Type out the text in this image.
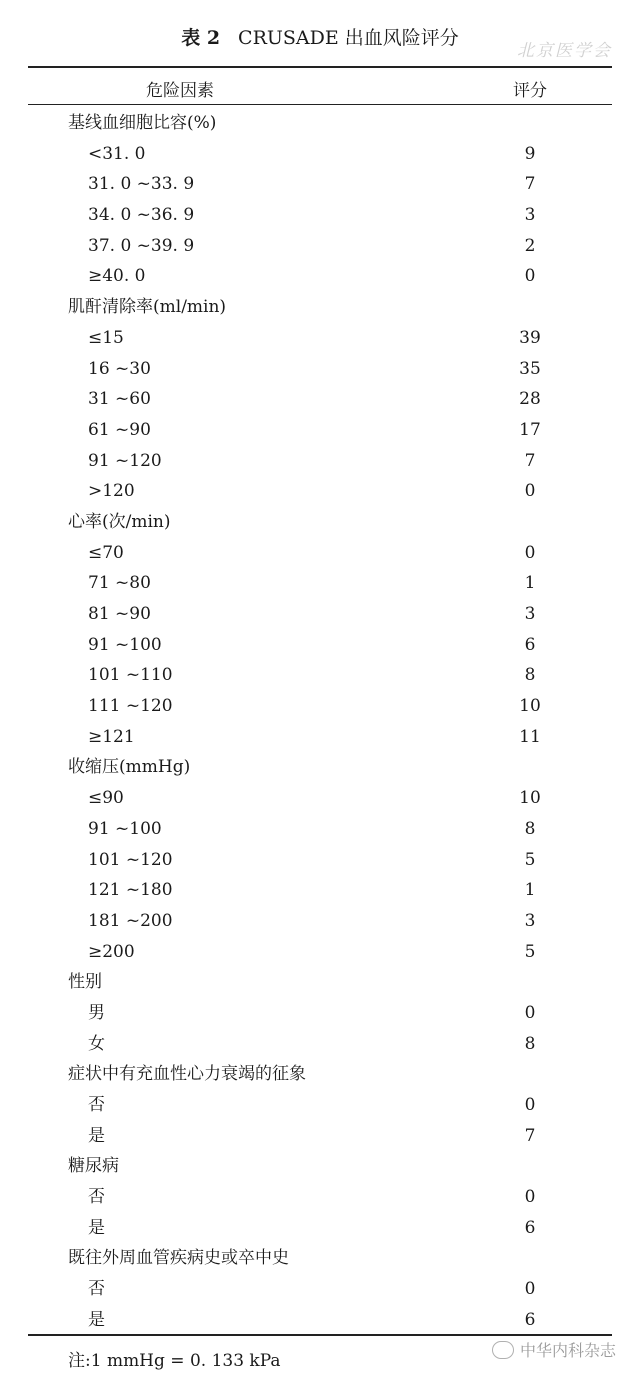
表 2 CRUSADE 出血风险评分
北京医学会
危险因素	评分
基线血细胞比容(%)
<31. 0	9
31. 0 ~33. 9	7
34. 0 ~36. 9	3
37. 0 ~39. 9	2
≥40. 0	0
肌酐清除率(ml/min)
≤15	39
16 ~30	35
31 ~60	28
61 ~90	17
91 ~120	7
>120	0
心率(次/min)
≤70	0
71 ~80	1
81 ~90	3
91 ~100	6
101 ~110	8
111 ~120	10
≥121	11
收缩压(mmHg)
≤90	10
91 ~100	8
101 ~120	5
121 ~180	1
181 ~200	3
≥200	5
性别
男	0
女	8
症状中有充血性心力衰竭的征象
否	0
是	7
糖尿病
否	0
是	6
既往外周血管疾病史或卒中史
否	0
是	6
注:1 mmHg = 0. 133 kPa
中华内科杂志
